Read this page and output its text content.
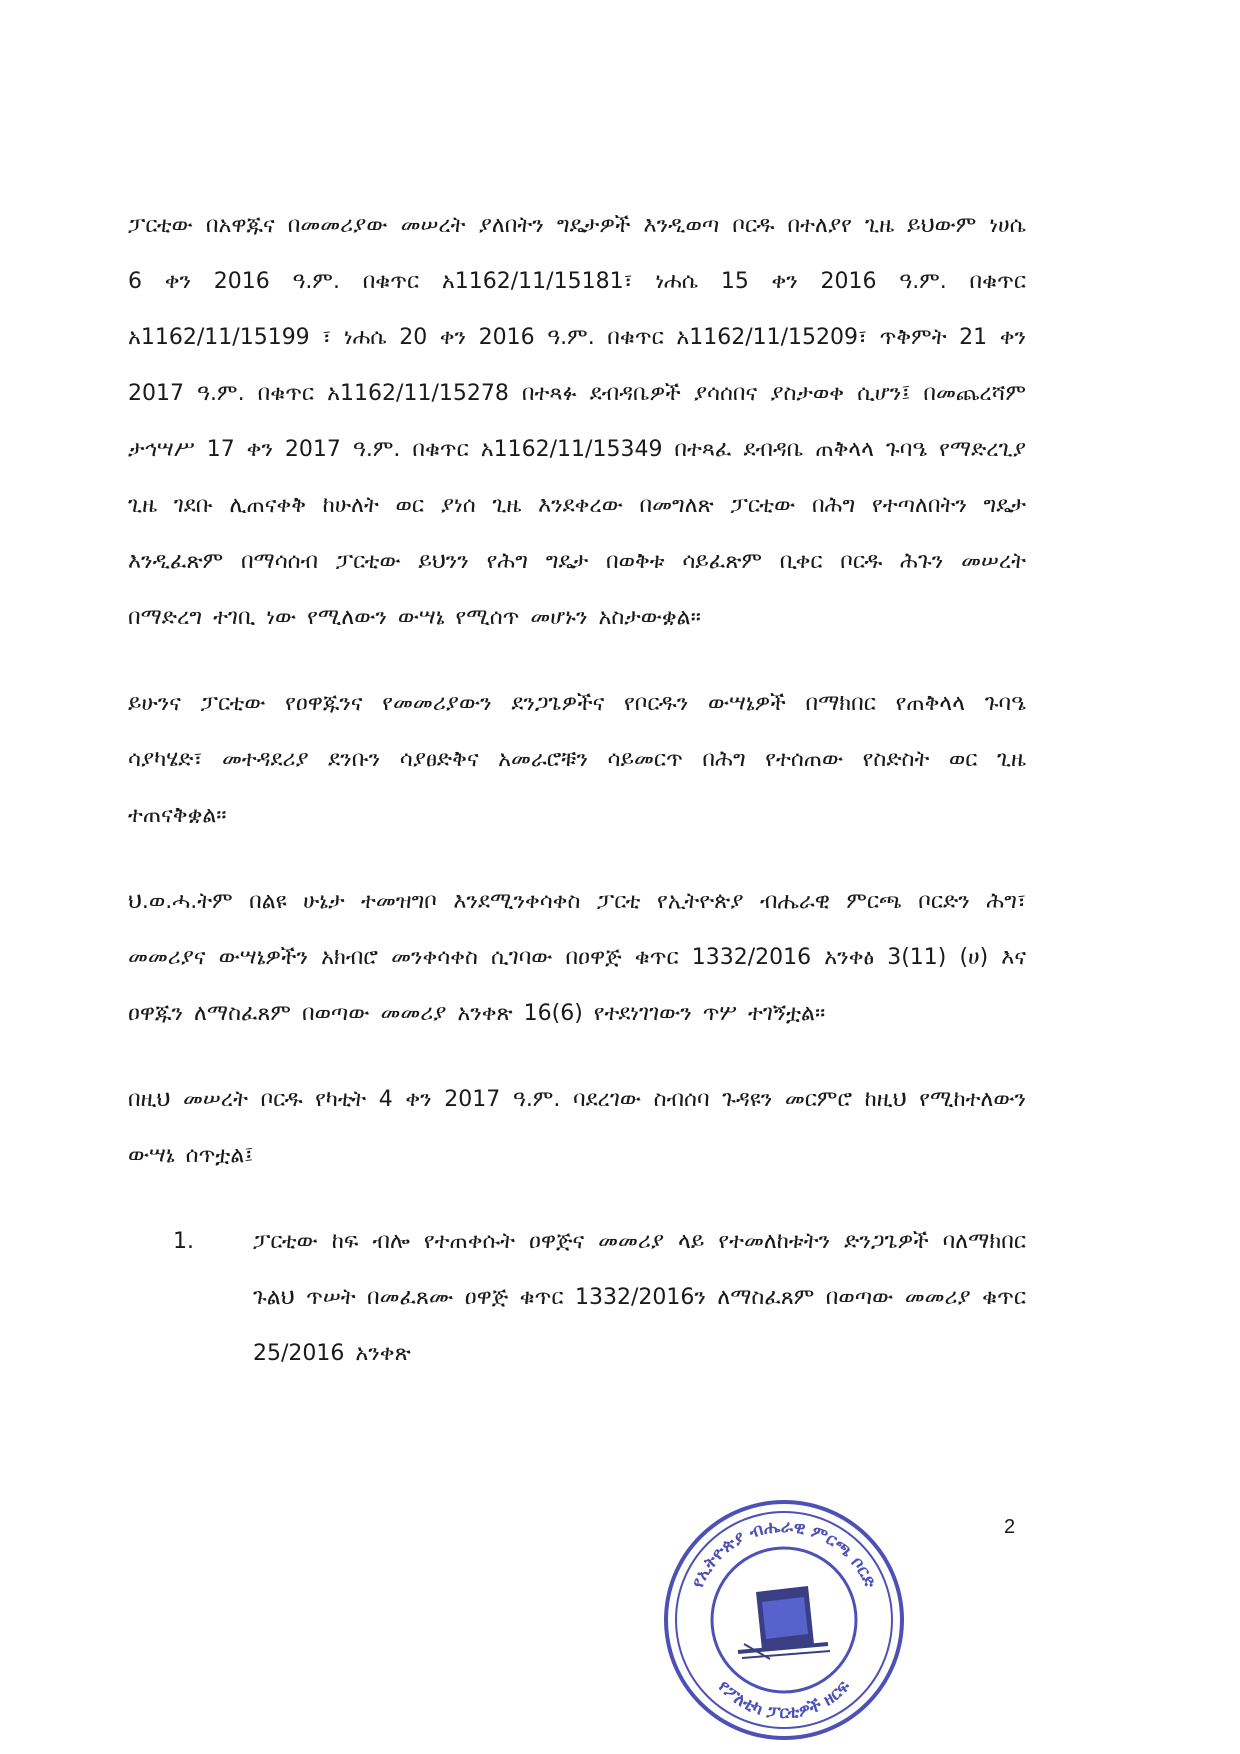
ፓርቲው በአዋጁና በመመሪያው መሠረት ያለበትን ግዴታዎች እንዲወጣ ቦርዱ በተለያየ ጊዜ ይህውም ነሀሴ 6 ቀን 2016 ዓ.ም. በቁጥር አ1162/11/15181፣ ነሐሴ 15 ቀን 2016 ዓ.ም. በቁጥር አ1162/11/15199 ፣ ነሐሴ 20 ቀን 2016 ዓ.ም. በቁጥር አ1162/11/15209፣ ጥቅምት 21 ቀን 2017 ዓ.ም. በቁጥር አ1162/11/15278 በተጻፉ ደብዳቤዎች ያሳሰበና ያስታወቀ ሲሆን፤ በመጨረሻም ታኅሣሥ 17 ቀን 2017 ዓ.ም. በቁጥር አ1162/11/15349 በተጻፈ ደብዳቤ ጠቅላላ ጉባዔ የማድረጊያ ጊዜ ገደቡ ሊጠናቀቅ ከሁለት ወር ያነሰ ጊዜ እንደቀረው በመግለጽ ፓርቲው በሕግ የተጣለበትን ግዴታ እንዲፈጽም በማሳሰብ ፓርቲው ይህንን የሕግ ግዴታ በወቅቱ ሳይፈጽም ቢቀር ቦርዱ ሕጉን መሠረት በማድረግ ተገቢ ነው የሚለውን ውሣኔ የሚሰጥ መሆኑን አስታውቋል።

ይሁንና ፓርቲው የዐዋጁንና የመመሪያውን ደንጋጌዎችና የቦርዱን ውሣኔዎች በማክበር የጠቅላላ ጉባዔ ሳያካሄድ፣ መተዳደሪያ ደንቡን ሳያፀድቅና አመራሮቹን ሳይመርጥ በሕግ የተሰጠው የስድስት ወር ጊዜ ተጠናቅቋል።

ህ.ወ.ሓ.ትም በልዩ ሁኔታ ተመዝግቦ እንደሚንቀሳቀስ ፓርቲ የኢትዮጵያ ብሔራዊ ምርጫ ቦርድን ሕግ፣ መመሪያና ውሣኔዎችን አክብሮ መንቀሳቀስ ሲገባው በዐዋጅ ቁጥር 1332/2016 አንቀፅ 3(11) (ሀ) እና ዐዋጁን ለማስፈጸም በወጣው መመሪያ አንቀጽ 16(6) የተደነገገውን ጥሦ ተገኝቷል።

በዚህ መሠረት ቦርዱ የካቲት 4 ቀን 2017 ዓ.ም. ባደረገው ስብሰባ ጉዳዩን መርምሮ ከዚህ የሚከተለውን ውሣኔ ሰጥቷል፤

1.	ፓርቲው ከፍ ብሎ የተጠቀሱት ዐዋጅና መመሪያ ላይ የተመለከቱትን ድንጋጌዎች ባለማክበር ጉልህ ጥሠት በመፈጸሙ ዐዋጅ ቁጥር 1332/2016ን ለማስፈጸም በወጣው መመሪያ ቁጥር 25/2016 አንቀጽ
2
የኢትዮጵያ ብሔራዊ ምርጫ ቦርድ
የፖለቲካ ፓርቲዎች ዘርፍ
